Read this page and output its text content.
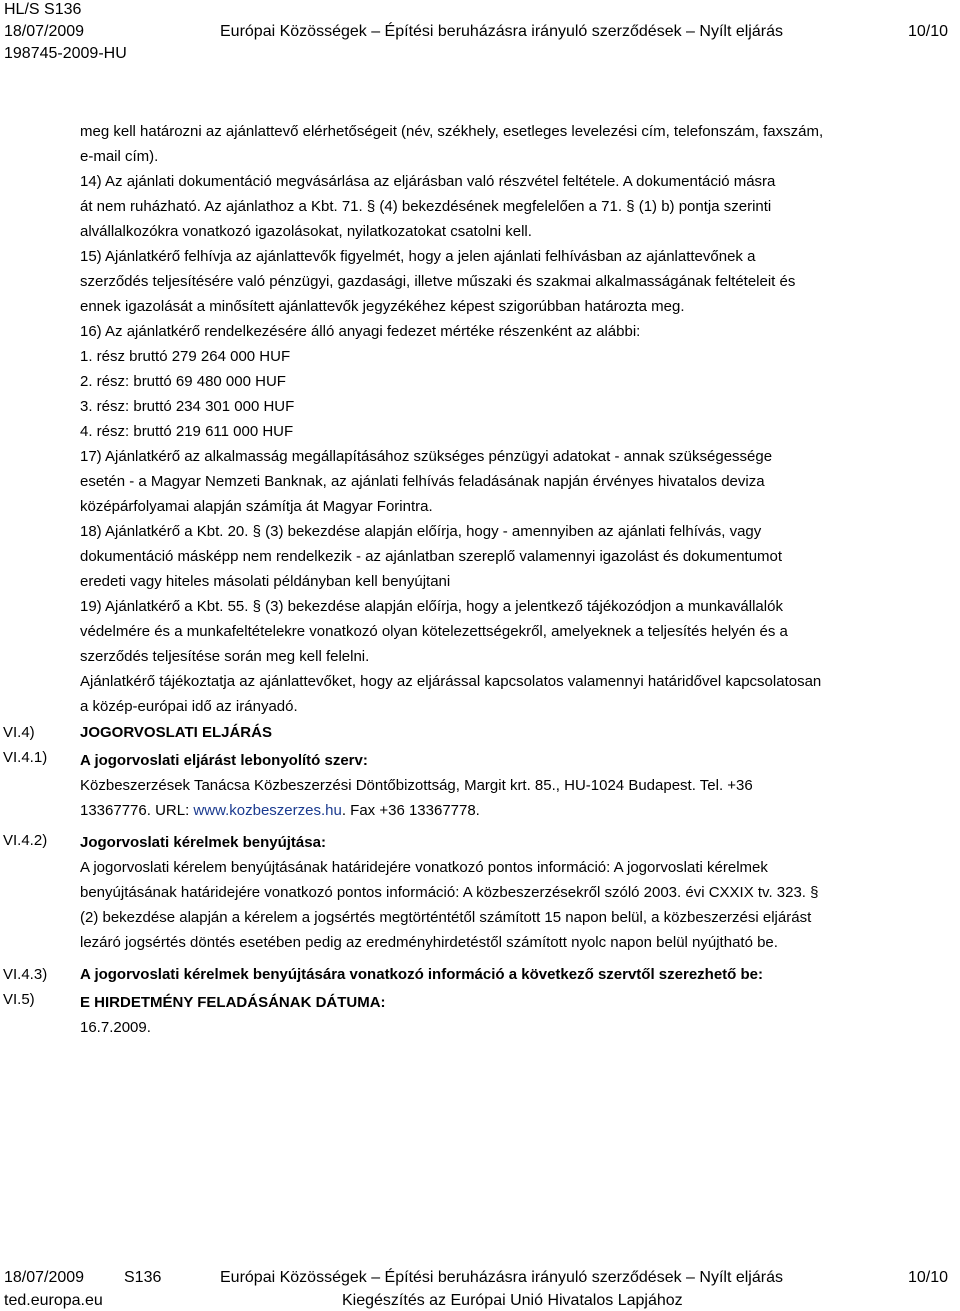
HL/S S136
18/07/2009	Európai Közösségek – Építési beruházásra irányuló szerződések – Nyílt eljárás	10/10
198745-2009-HU
VI.4)
VI.4.1)
VI.4.2)
VI.4.3)
VI.5)

meg kell határozni az ajánlattevő elérhetőségeit (név, székhely, esetleges levelezési cím, telefonszám, faxszám,

e-mail cím).

14) Az ajánlati dokumentáció megvásárlása az eljárásban való részvétel feltétele. A dokumentáció másra

át nem ruházható. Az ajánlathoz a Kbt. 71. § (4) bekezdésének megfelelően a 71. § (1) b) pontja szerinti

alvállalkozókra vonatkozó igazolásokat, nyilatkozatokat csatolni kell.

15) Ajánlatkérő felhívja az ajánlattevők figyelmét, hogy a jelen ajánlati felhívásban az ajánlattevőnek a

szerződés teljesítésére való pénzügyi, gazdasági, illetve műszaki és szakmai alkalmasságának feltételeit és

ennek igazolását a minősített ajánlattevők jegyzékéhez képest szigorúbban határozta meg.

16) Az ajánlatkérő rendelkezésére álló anyagi fedezet mértéke részenként az alábbi:

1. rész bruttó 279 264 000 HUF

2. rész: bruttó 69 480 000 HUF

3. rész: bruttó 234 301 000 HUF

4. rész: bruttó 219 611 000 HUF

17) Ajánlatkérő az alkalmasság megállapításához szükséges pénzügyi adatokat - annak szükségessége

esetén - a Magyar Nemzeti Banknak, az ajánlati felhívás feladásának napján érvényes hivatalos deviza

középárfolyamai alapján számítja át Magyar Forintra.

18) Ajánlatkérő a Kbt. 20. § (3) bekezdése alapján előírja, hogy - amennyiben az ajánlati felhívás, vagy

dokumentáció másképp nem rendelkezik - az ajánlatban szereplő valamennyi igazolást és dokumentumot

eredeti vagy hiteles másolati példányban kell benyújtani

19) Ajánlatkérő a Kbt. 55. § (3) bekezdése alapján előírja, hogy a jelentkező tájékozódjon a munkavállalók

védelmére és a munkafeltételekre vonatkozó olyan kötelezettségekről, amelyeknek a teljesítés helyén és a

szerződés teljesítése során meg kell felelni.

Ajánlatkérő tájékoztatja az ajánlattevőket, hogy az eljárással kapcsolatos valamennyi határidővel kapcsolatosan

a közép-európai idő az irányadó.

JOGORVOSLATI ELJÁRÁS

A jogorvoslati eljárást lebonyolító szerv:

Közbeszerzések Tanácsa Közbeszerzési Döntőbizottság, Margit krt. 85., HU-1024 Budapest. Tel. +36

13367776. URL: www.kozbeszerzes.hu. Fax +36 13367778.

Jogorvoslati kérelmek benyújtása:

A jogorvoslati kérelem benyújtásának határidejére vonatkozó pontos információ: A jogorvoslati kérelmek

benyújtásának határidejére vonatkozó pontos információ: A közbeszerzésekről szóló 2003. évi CXXIX tv. 323. §

(2) bekezdése alapján a kérelem a jogsértés megtörténtétől számított 15 napon belül, a közbeszerzési eljárást

lezáró jogsértés döntés esetében pedig az eredményhirdetéstől számított nyolc napon belül nyújtható be.

A jogorvoslati kérelmek benyújtására vonatkozó információ a következő szervtől szerezhető be:

E HIRDETMÉNY FELADÁSÁNAK DÁTUMA:

16.7.2009.

18/07/2009 S136	Európai Közösségek – Építési beruházásra irányuló szerződések – Nyílt eljárás	10/10
ted.europa.eu	Kiegészítés az Európai Unió Hivatalos Lapjához
